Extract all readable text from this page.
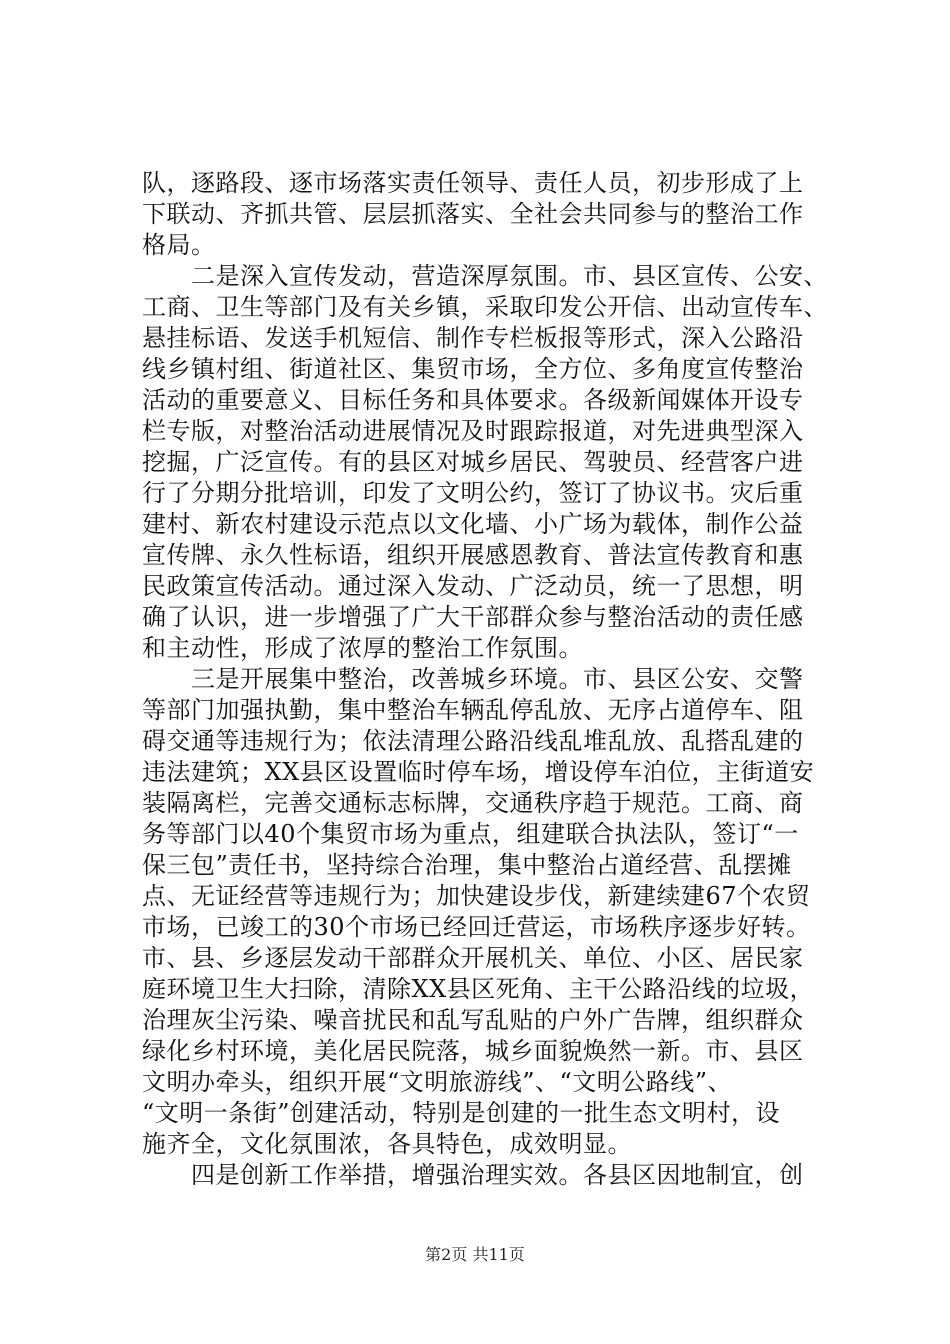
队，逐路段、逐市场落实责任领导、责任人员，初步形成了上
下联动、齐抓共管、层层抓落实、全社会共同参与的整治工作
格局。
　　二是深入宣传发动，营造深厚氛围。市、县区宣传、公安、
工商、卫生等部门及有关乡镇，采取印发公开信、出动宣传车、
悬挂标语、发送手机短信、制作专栏板报等形式，深入公路沿
线乡镇村组、街道社区、集贸市场，全方位、多角度宣传整治
活动的重要意义、目标任务和具体要求。各级新闻媒体开设专
栏专版，对整治活动进展情况及时跟踪报道，对先进典型深入
挖掘，广泛宣传。有的县区对城乡居民、驾驶员、经营客户进
行了分期分批培训，印发了文明公约，签订了协议书。灾后重
建村、新农村建设示范点以文化墙、小广场为载体，制作公益
宣传牌、永久性标语，组织开展感恩教育、普法宣传教育和惠
民政策宣传活动。通过深入发动、广泛动员，统一了思想，明
确了认识，进一步增强了广大干部群众参与整治活动的责任感
和主动性，形成了浓厚的整治工作氛围。
　　三是开展集中整治，改善城乡环境。市、县区公安、交警
等部门加强执勤，集中整治车辆乱停乱放、无序占道停车、阻
碍交通等违规行为；依法清理公路沿线乱堆乱放、乱搭乱建的
违法建筑；XX县区设置临时停车场，增设停车泊位，主街道安
装隔离栏，完善交通标志标牌，交通秩序趋于规范。工商、商
务等部门以40个集贸市场为重点，组建联合执法队，签订“一
保三包”责任书，坚持综合治理，集中整治占道经营、乱摆摊
点、无证经营等违规行为；加快建设步伐，新建续建67个农贸
市场，已竣工的30个市场已经回迁营运，市场秩序逐步好转。
市、县、乡逐层发动干部群众开展机关、单位、小区、居民家
庭环境卫生大扫除，清除XX县区死角、主干公路沿线的垃圾，
治理灰尘污染、噪音扰民和乱写乱贴的户外广告牌，组织群众
绿化乡村环境，美化居民院落，城乡面貌焕然一新。市、县区
文明办牵头，组织开展“文明旅游线”、“文明公路线”、
“文明一条街”创建活动，特别是创建的一批生态文明村，设
施齐全，文化氛围浓，各具特色，成效明显。
　　四是创新工作举措，增强治理实效。各县区因地制宜，创
第2页 共11页
